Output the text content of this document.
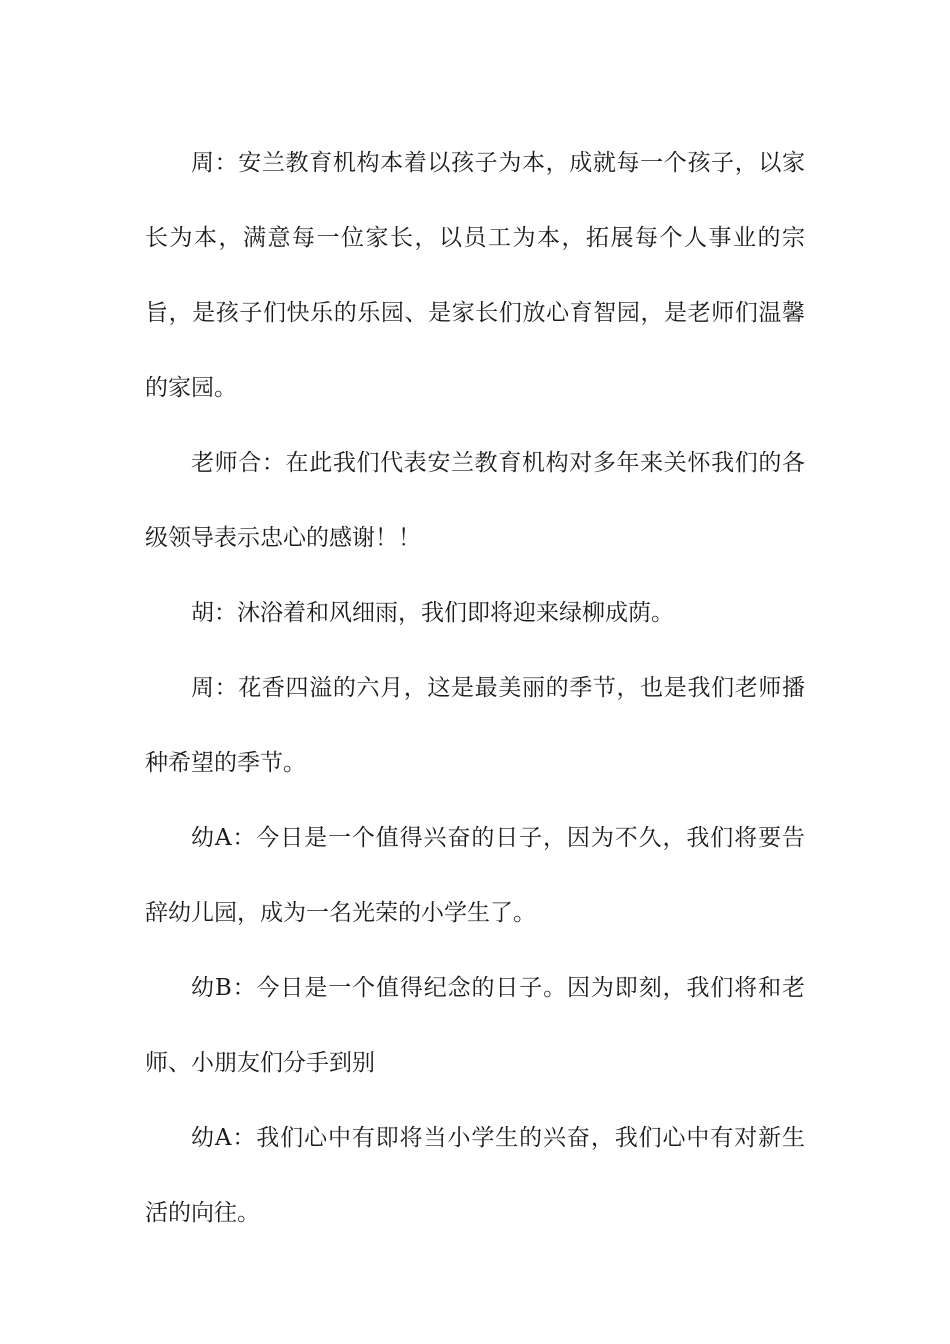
周：安兰教育机构本着以孩子为本，成就每一个孩子，以家长为本，满意每一位家长，以员工为本，拓展每个人事业的宗旨，是孩子们快乐的乐园、是家长们放心育智园，是老师们温馨的家园。

老师合：在此我们代表安兰教育机构对多年来关怀我们的各级领导表示忠心的感谢！！

胡：沐浴着和风细雨，我们即将迎来绿柳成荫。

周：花香四溢的六月，这是最美丽的季节，也是我们老师播种希望的季节。

幼A：今日是一个值得兴奋的日子，因为不久，我们将要告辞幼儿园，成为一名光荣的小学生了。

幼B：今日是一个值得纪念的日子。因为即刻，我们将和老师、小朋友们分手到别

幼A：我们心中有即将当小学生的兴奋，我们心中有对新生活的向往。
